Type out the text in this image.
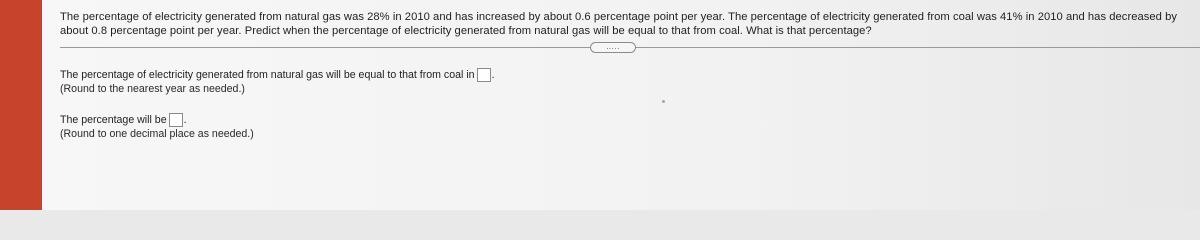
The percentage of electricity generated from natural gas was 28% in 2010 and has increased by about 0.6 percentage point per year. The percentage of electricity generated from coal was 41% in 2010 and has decreased by about 0.8 percentage point per year. Predict when the percentage of electricity generated from natural gas will be equal to that from coal. What is that percentage?
.....
The percentage of electricity generated from natural gas will be equal to that from coal in .
(Round to the nearest year as needed.)
The percentage will be .
(Round to one decimal place as needed.)
